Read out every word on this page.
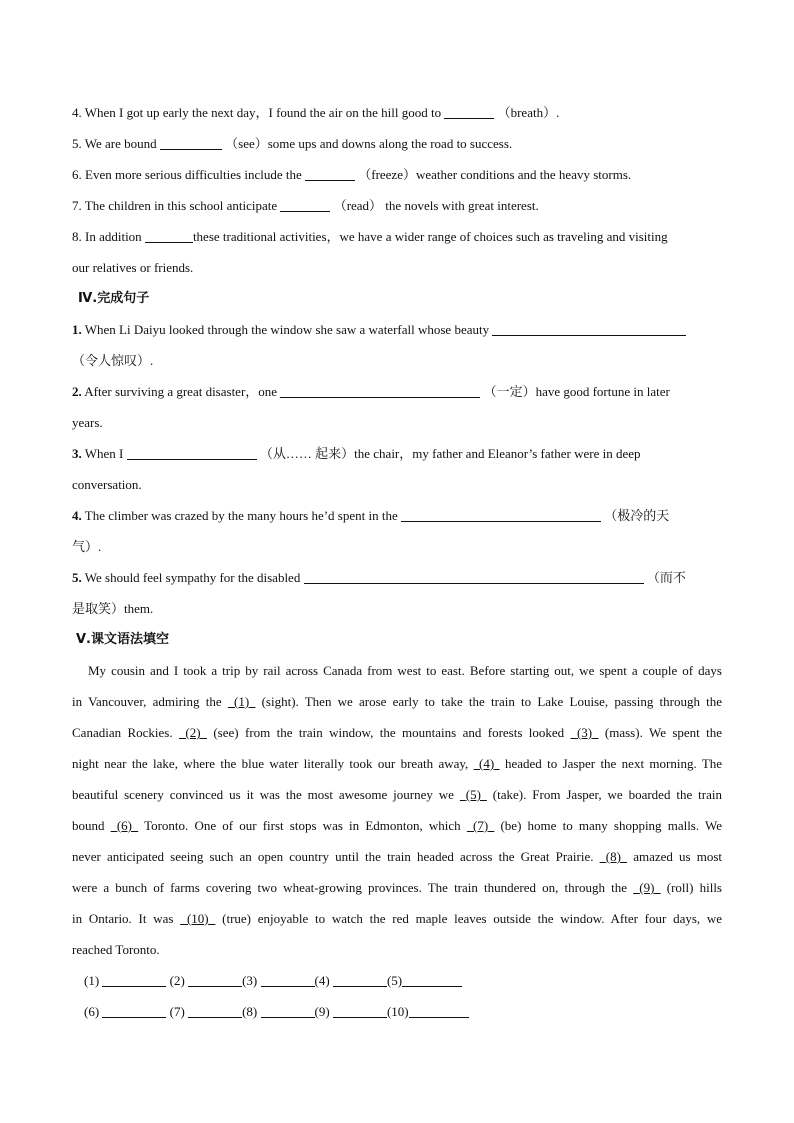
4. When I got up early the next day，I found the air on the hill good to	（breath）.
5. We are bound	（see）some ups and downs along the road to success.
6. Even more serious difficulties include the	（freeze）weather conditions and the heavy storms.
7. The children in this school anticipate	（read） the novels with great interest.
8. In addition	these traditional activities，we have a wider range of choices such as traveling and visiting
our relatives or friends.
Ⅳ.完成句子
1. When Li Daiyu looked through the window she saw a waterfall whose beauty
（令人惊叹）.
2. After surviving a great disaster，one	（一定）have good fortune in later
years.
3. When I	（从…… 起来）the chair，my father and Eleanor’s father were in deep
conversation.
4. The climber was crazed by the many hours he’d spent in the	（极冷的天
气）.
5. We should feel sympathy for the disabled	（而不
是取笑）them.
Ⅴ.课文语法填空
My cousin and I took a trip by rail across Canada from west to east. Before starting out, we spent a couple of days
in Vancouver, admiring the (1) (sight). Then we arose early to take the train to Lake Louise, passing through the
Canadian Rockies. (2) (see) from the train window, the mountains and forests looked (3) (mass). We spent the
night near the lake, where the blue water literally took our breath away, (4) headed to Jasper the next morning. The
beautiful scenery convinced us it was the most awesome journey we (5) (take). From Jasper, we boarded the train
bound (6) Toronto. One of our first stops was in Edmonton, which (7) (be) home to many shopping malls. We
never anticipated seeing such an open country until the train headed across the Great Prairie. (8) amazed us most
were a bunch of farms covering two wheat-growing provinces. The train thundered on, through the (9) (roll) hills
in Ontario. It was (10) (true) enjoyable to watch the red maple leaves outside the window. After four days, we
reached Toronto.
(1)	(2)	(3)	(4)	(5)
(6)	(7)	(8)	(9)	(10)
